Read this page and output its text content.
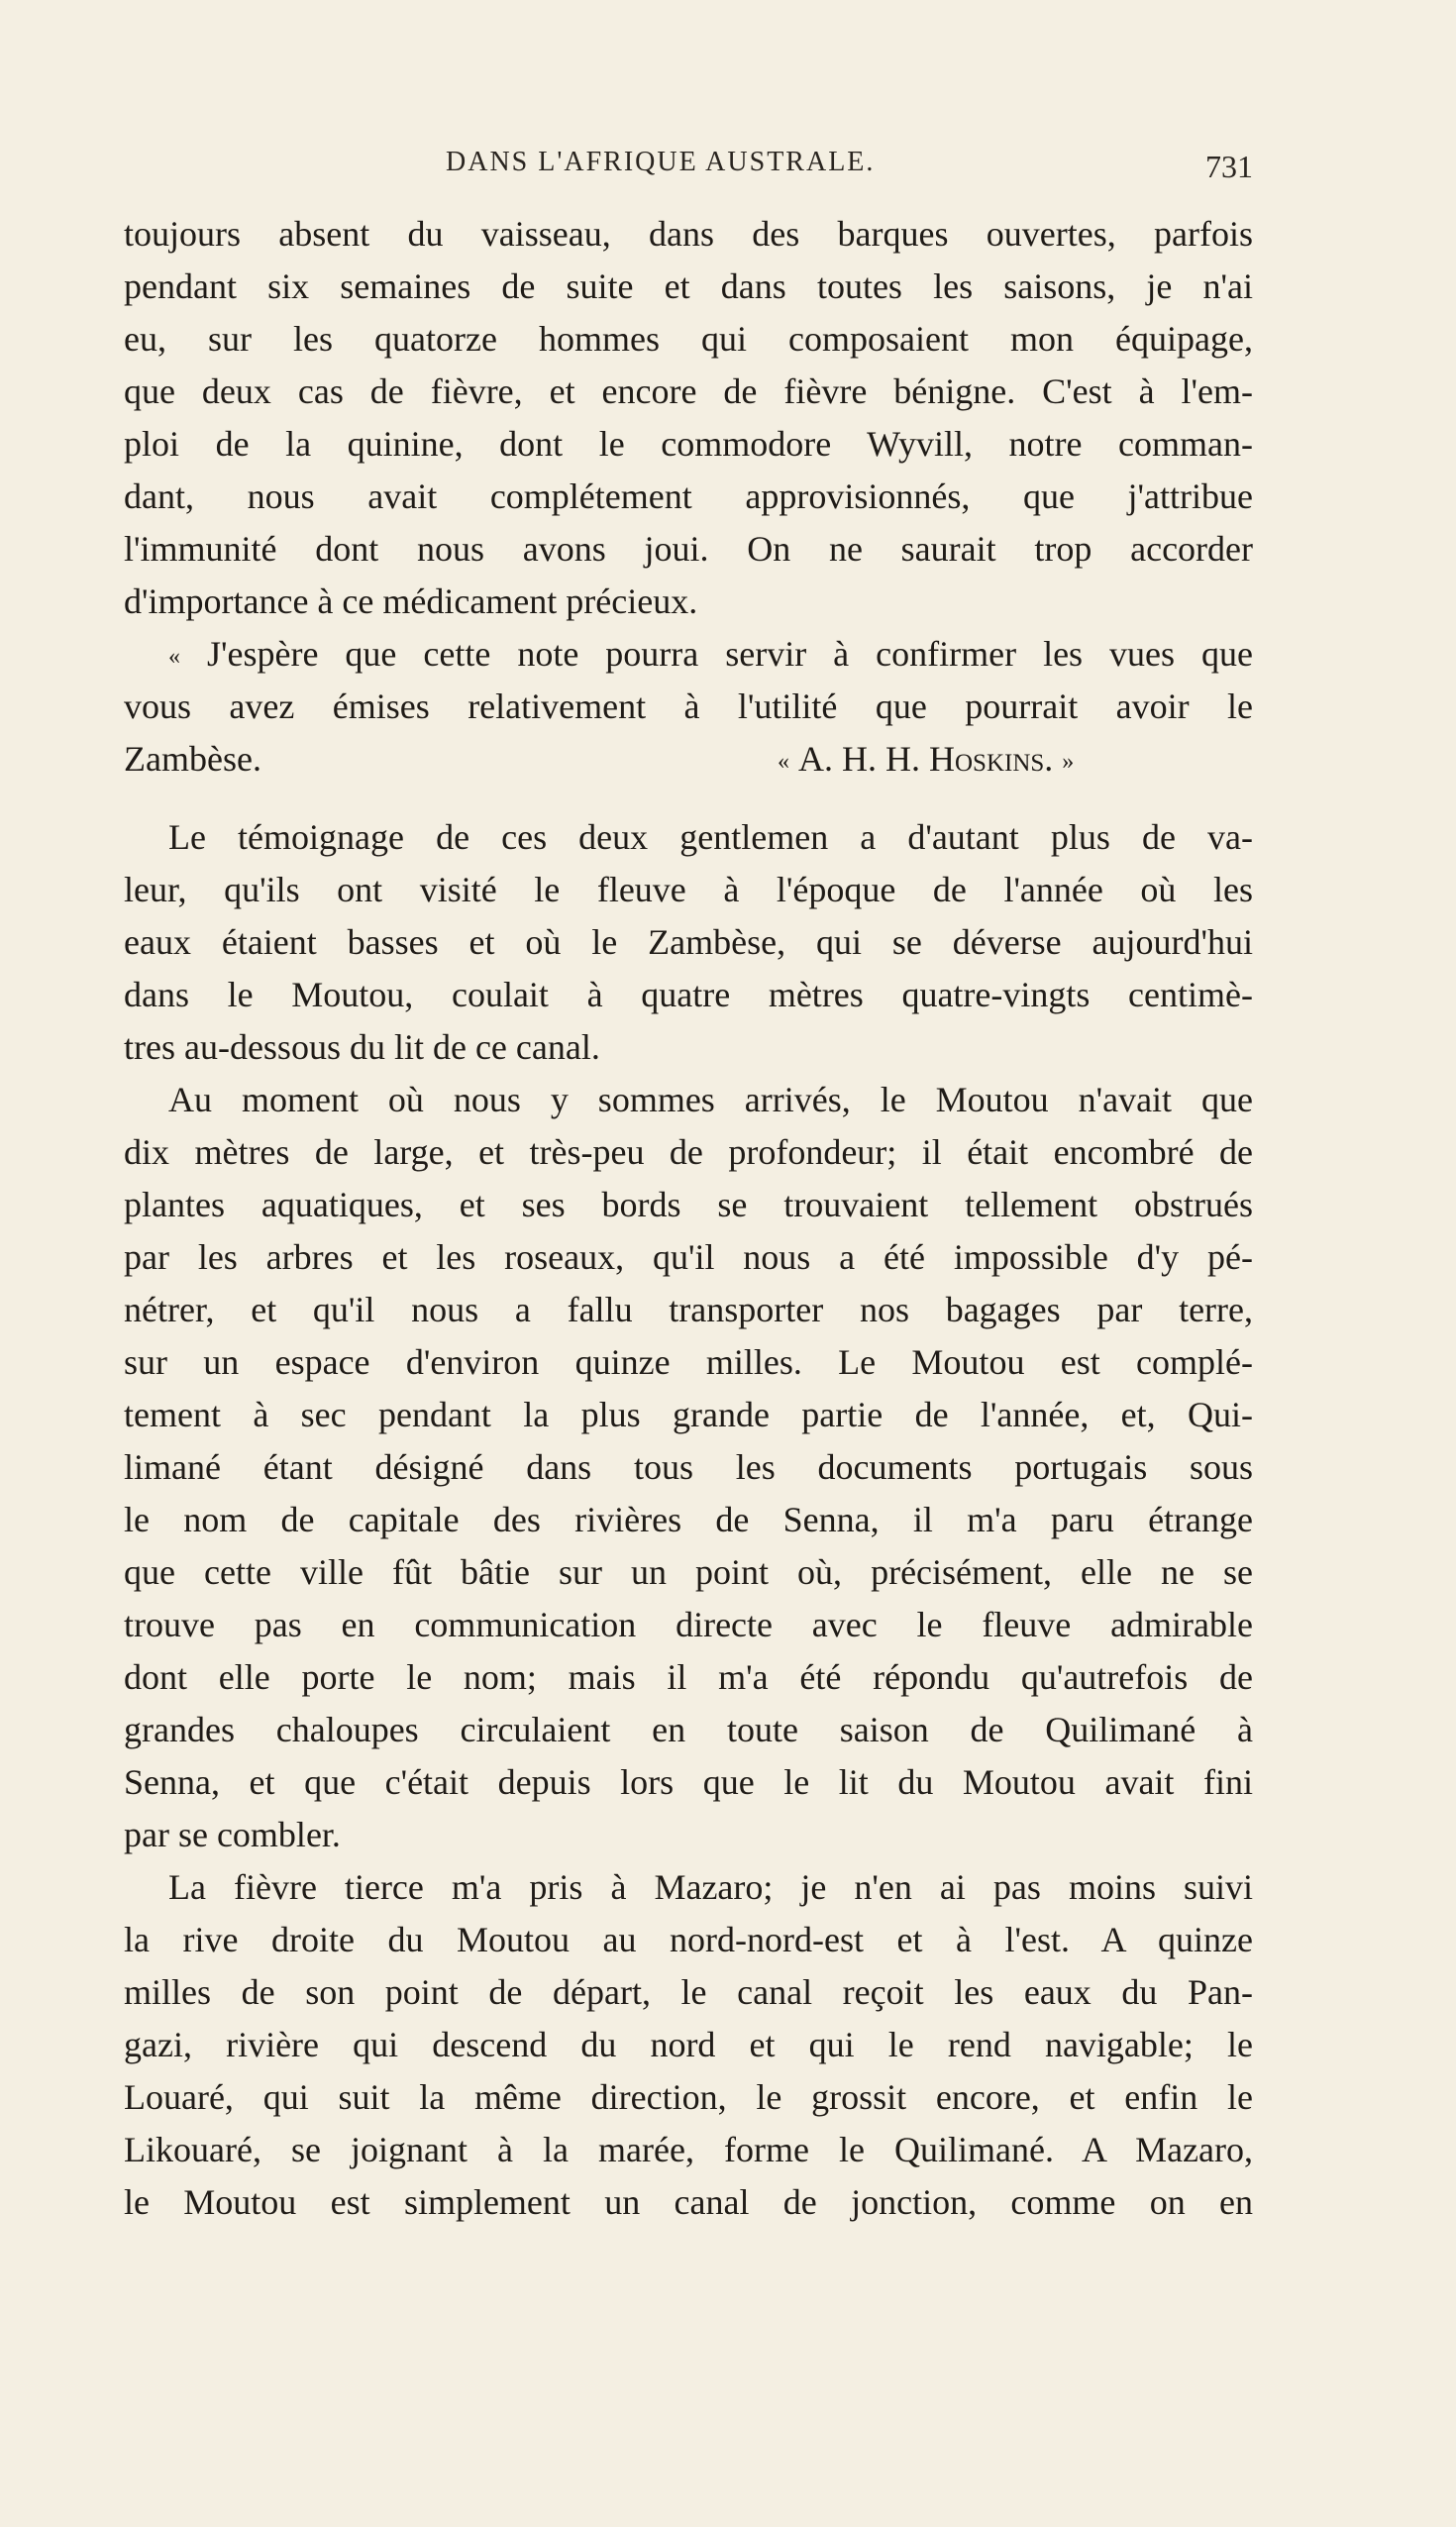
DANS L'AFRIQUE AUSTRALE.	731
toujours absent du vaisseau, dans des barques ouvertes, parfois
pendant six semaines de suite et dans toutes les saisons, je n'ai
eu, sur les quatorze hommes qui composaient mon équipage,
que deux cas de fièvre, et encore de fièvre bénigne. C'est à l'em-
ploi de la quinine, dont le commodore Wyvill, notre comman-
dant, nous avait complétement approvisionnés, que j'attribue
l'immunité dont nous avons joui. On ne saurait trop accorder
d'importance à ce médicament précieux.
« J'espère que cette note pourra servir à confirmer les vues que
vous avez émises relativement à l'utilité que pourrait avoir le
Zambèse.	« A. H. H. Hoskins. »
Le témoignage de ces deux gentlemen a d'autant plus de va-
leur, qu'ils ont visité le fleuve à l'époque de l'année où les
eaux étaient basses et où le Zambèse, qui se déverse aujourd'hui
dans le Moutou, coulait à quatre mètres quatre-vingts centimè-
tres au-dessous du lit de ce canal.
Au moment où nous y sommes arrivés, le Moutou n'avait que
dix mètres de large, et très-peu de profondeur; il était encombré de
plantes aquatiques, et ses bords se trouvaient tellement obstrués
par les arbres et les roseaux, qu'il nous a été impossible d'y pé-
nétrer, et qu'il nous a fallu transporter nos bagages par terre,
sur un espace d'environ quinze milles. Le Moutou est complé-
tement à sec pendant la plus grande partie de l'année, et, Qui-
limané étant désigné dans tous les documents portugais sous
le nom de capitale des rivières de Senna, il m'a paru étrange
que cette ville fût bâtie sur un point où, précisément, elle ne se
trouve pas en communication directe avec le fleuve admirable
dont elle porte le nom; mais il m'a été répondu qu'autrefois de
grandes chaloupes circulaient en toute saison de Quilimané à
Senna, et que c'était depuis lors que le lit du Moutou avait fini
par se combler.
La fièvre tierce m'a pris à Mazaro; je n'en ai pas moins suivi
la rive droite du Moutou au nord-nord-est et à l'est. A quinze
milles de son point de départ, le canal reçoit les eaux du Pan-
gazi, rivière qui descend du nord et qui le rend navigable; le
Louaré, qui suit la même direction, le grossit encore, et enfin le
Likouaré, se joignant à la marée, forme le Quilimané. A Mazaro,
le Moutou est simplement un canal de jonction, comme on en
